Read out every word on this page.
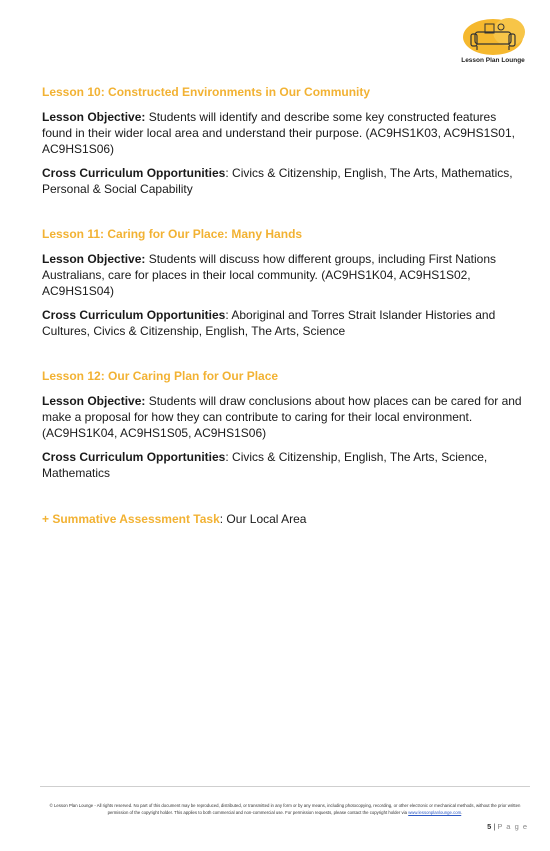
Lesson Plan Lounge
Lesson 10: Constructed Environments in Our Community

Lesson Objective: Students will identify and describe some key constructed features found in their wider local area and understand their purpose. (AC9HS1K03, AC9HS1S01, AC9HS1S06)

Cross Curriculum Opportunities: Civics & Citizenship, English, The Arts, Mathematics, Personal & Social Capability

Lesson 11: Caring for Our Place: Many Hands

Lesson Objective: Students will discuss how different groups, including First Nations Australians, care for places in their local community. (AC9HS1K04, AC9HS1S02, AC9HS1S04)

Cross Curriculum Opportunities: Aboriginal and Torres Strait Islander Histories and Cultures, Civics & Citizenship, English, The Arts, Science

Lesson 12: Our Caring Plan for Our Place

Lesson Objective: Students will draw conclusions about how places can be cared for and make a proposal for how they can contribute to caring for their local environment. (AC9HS1K04, AC9HS1S05, AC9HS1S06)

Cross Curriculum Opportunities: Civics & Citizenship, English, The Arts, Science, Mathematics

+ Summative Assessment Task: Our Local Area

© Lesson Plan Lounge - All rights reserved. No part of this document may be reproduced, distributed, or transmitted in any form or by any means, including photocopying, recording, or other electronic or mechanical methods, without the prior written permission of the copyright holder. This applies to both commercial and non-commercial use. For permission requests, please contact the copyright holder via www.lessonplanlounge.com.
5 | P a g e
